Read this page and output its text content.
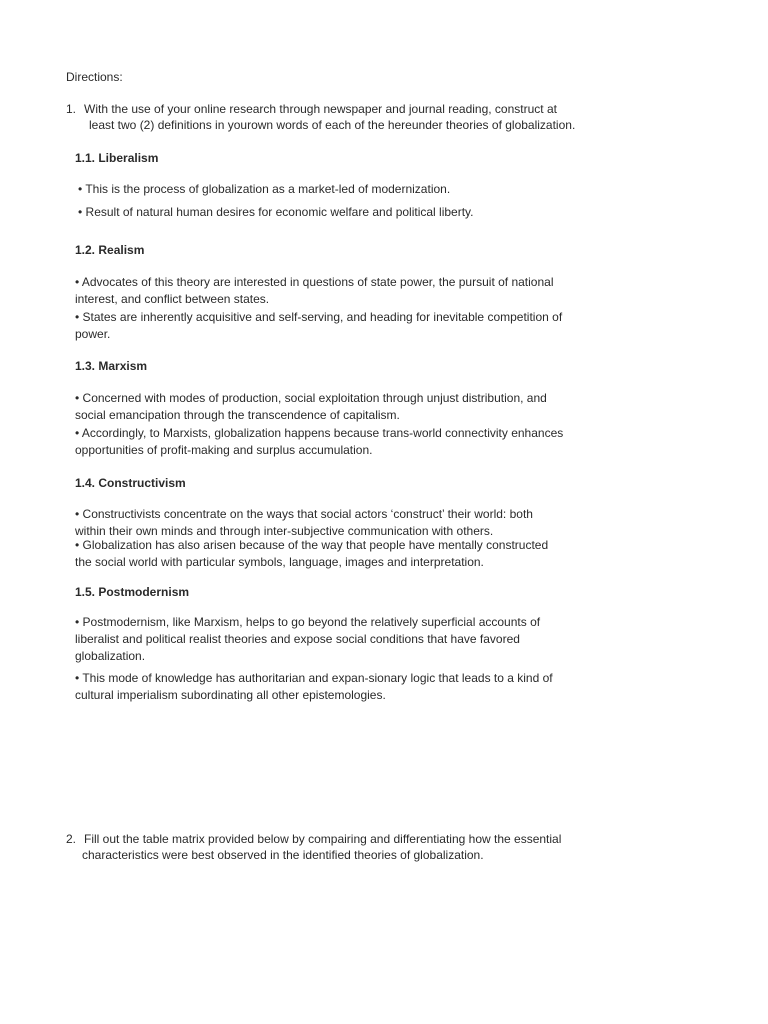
Directions:
1. With the use of your online research through newspaper and journal reading, construct at
least two (2) definitions in yourown words of each of the hereunder theories of globalization.
1.1. Liberalism
• This is the process of globalization as a market-led of modernization.
• Result of natural human desires for economic welfare and political liberty.
1.2. Realism
• Advocates of this theory are interested in questions of state power, the pursuit of national
interest, and conflict between states.
• States are inherently acquisitive and self-serving, and heading for inevitable competition of
power.
1.3. Marxism
• Concerned with modes of production, social exploitation through unjust distribution, and
social emancipation through the transcendence of capitalism.
• Accordingly, to Marxists, globalization happens because trans-world connectivity enhances
opportunities of profit-making and surplus accumulation.
1.4. Constructivism
• Constructivists concentrate on the ways that social actors ‘construct’ their world: both
within their own minds and through inter-subjective communication with others.
• Globalization has also arisen because of the way that people have mentally constructed
the social world with particular symbols, language, images and interpretation.
1.5. Postmodernism
• Postmodernism, like Marxism, helps to go beyond the relatively superficial accounts of
liberalist and political realist theories and expose social conditions that have favored
globalization.
• This mode of knowledge has authoritarian and expan-sionary logic that leads to a kind of
cultural imperialism subordinating all other epistemologies.
2. Fill out the table matrix provided below by compairing and differentiating how the essential
characteristics were best observed in the identified theories of globalization.
